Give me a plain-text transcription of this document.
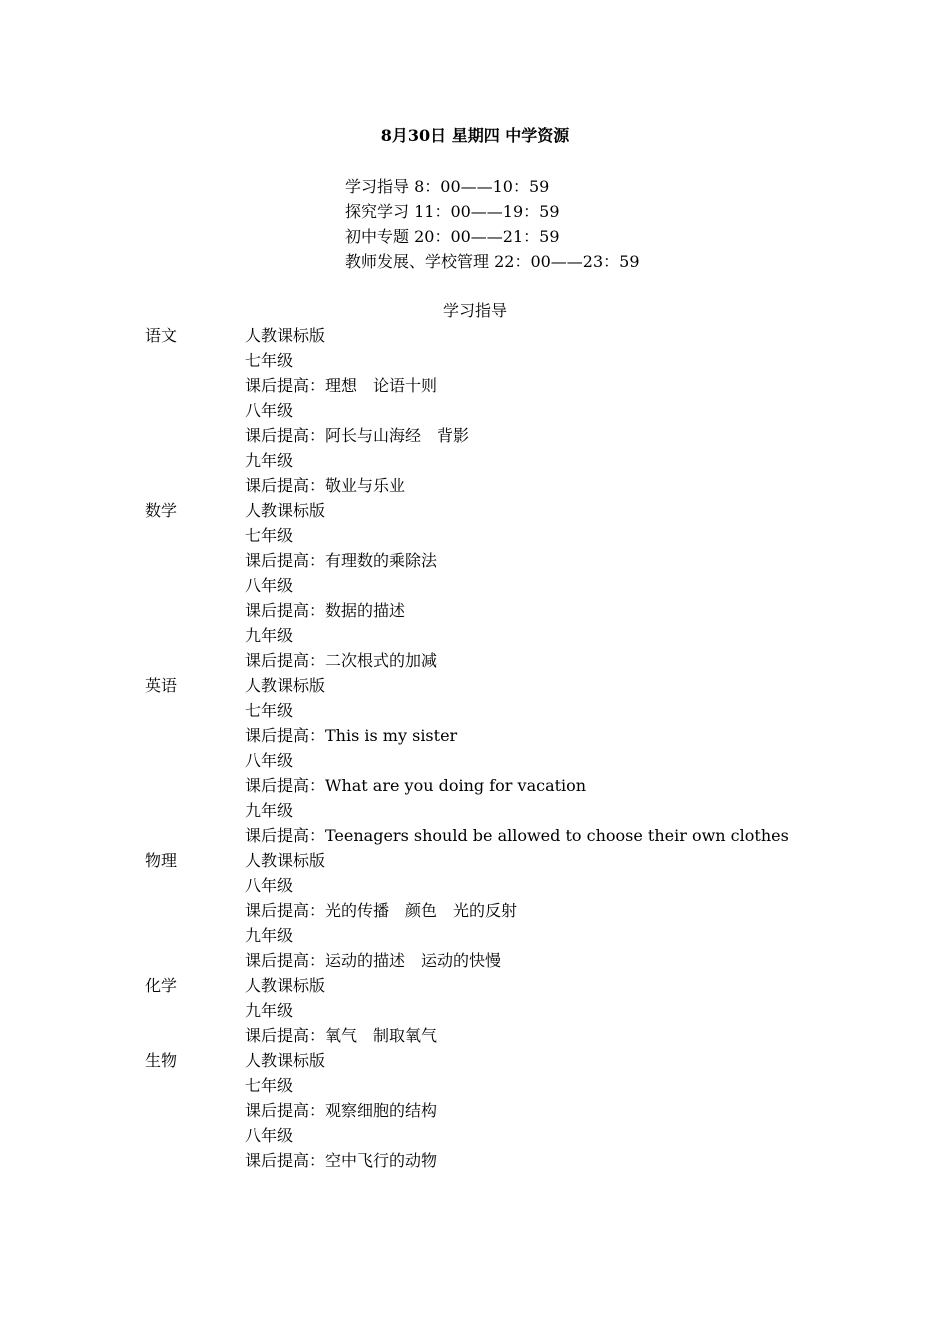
8月30日 星期四 中学资源
学习指导 8：00——10：59
探究学习 11：00——19：59
初中专题 20：00——21：59
教师发展、学校管理 22：00——23：59
学习指导
语文	人教课标版
七年级
课后提高：理想　论语十则
八年级
课后提高：阿长与山海经　背影
九年级
课后提高：敬业与乐业
数学	人教课标版
七年级
课后提高：有理数的乘除法
八年级
课后提高：数据的描述
九年级
课后提高：二次根式的加减
英语	人教课标版
七年级
课后提高：This is my sister
八年级
课后提高：What are you doing for vacation
九年级
课后提高：Teenagers should be allowed to choose their own clothes
物理	人教课标版
八年级
课后提高：光的传播　颜色　光的反射
九年级
课后提高：运动的描述　运动的快慢
化学	人教课标版
九年级
课后提高：氧气　制取氧气
生物	人教课标版
七年级
课后提高：观察细胞的结构
八年级
课后提高：空中飞行的动物
